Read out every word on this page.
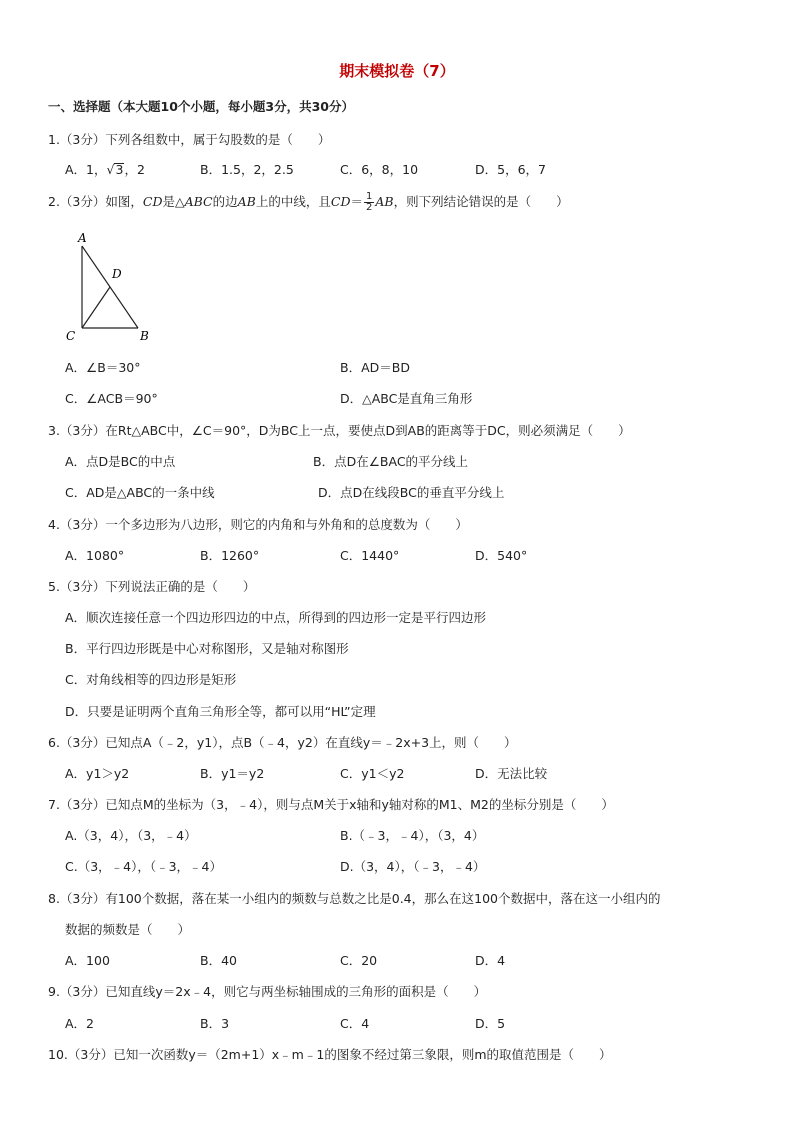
期末模拟卷（7）
一、选择题（本大题10个小题，每小题3分，共30分）
1.（3分）下列各组数中，属于勾股数的是（　　）
A．1，√3，2	B．1.5，2，2.5	C．6，8，10	D．5，6，7
2.（3分）如图，CD是△ABC的边AB上的中线，且$CD= \frac{1}{2}$ AB，则下列结论错误的是（　　）
A
D
C	B
A．∠B＝30°	B．AD＝BD
C．∠ACB＝90°	D．△ABC是直角三角形
3.（3分）在Rt△ABC中，∠C＝90°，D为BC上一点，要使点D到AB的距离等于DC，则必须满足（　　）
A．点D是BC的中点	B．点D在∠BAC的平分线上
C．AD是△ABC的一条中线	D．点D在线段BC的垂直平分线上
4.（3分）一个多边形为八边形，则它的内角和与外角和的总度数为（　　）
A．1080°	B．1260°	C．1440°	D．540°
5.（3分）下列说法正确的是（　　）
A．顺次连接任意一个四边形四边的中点，所得到的四边形一定是平行四边形
B．平行四边形既是中心对称图形，又是轴对称图形
C．对角线相等的四边形是矩形
D．只要是证明两个直角三角形全等，都可以用“HL”定理
6.（3分）已知点A（﹣2，y1），点B（﹣4，y2）在直线y＝﹣2x+3上，则（　　）
A．y1＞y2	B．y1＝y2	C．y1＜y2	D．无法比较
7.（3分）已知点M的坐标为（3，﹣4），则与点M关于x轴和y轴对称的M1、M2的坐标分别是（　　）
A.（3，4），（3，﹣4）	B.（﹣3，﹣4），（3，4）
C.（3，﹣4），（﹣3，﹣4）	D.（3，4），（﹣3，﹣4）
8.（3分）有100个数据，落在某一小组内的频数与总数之比是0.4，那么在这100个数据中，落在这一小组内的
数据的频数是（　　）
A．100	B．40	C．20	D．4
9.（3分）已知直线y＝2x﹣4，则它与两坐标轴围成的三角形的面积是（　　）
A．2	B．3	C．4	D．5
10.（3分）已知一次函数y＝（2m+1）x﹣m﹣1的图象不经过第三象限，则m的取值范围是（　　）
